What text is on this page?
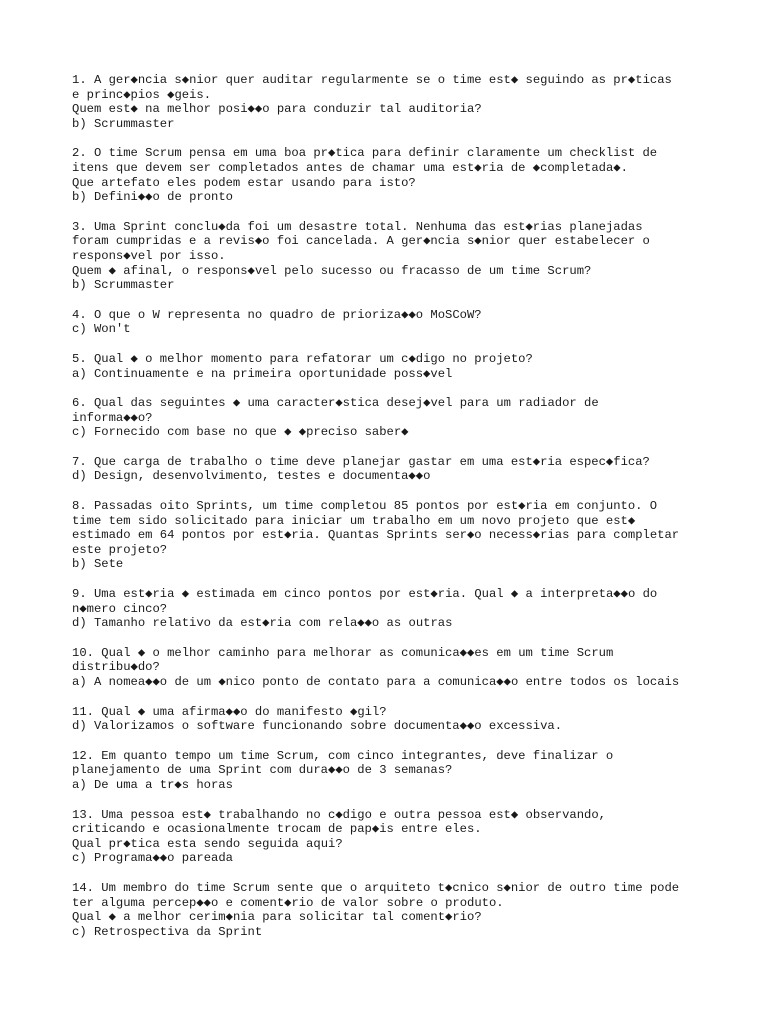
1. A ger◆ncia s◆nior quer auditar regularmente se o time est◆ seguindo as pr◆ticas
e princ◆pios ◆geis.
Quem est◆ na melhor posi◆◆o para conduzir tal auditoria?
b) Scrummaster
2. O time Scrum pensa em uma boa pr◆tica para definir claramente um checklist de
itens que devem ser completados antes de chamar uma est◆ria de ◆completada◆.
Que artefato eles podem estar usando para isto?
b) Defini◆◆o de pronto
3. Uma Sprint conclu◆da foi um desastre total. Nenhuma das est◆rias planejadas
foram cumpridas e a revis◆o foi cancelada. A ger◆ncia s◆nior quer estabelecer o
respons◆vel por isso.
Quem ◆ afinal, o respons◆vel pelo sucesso ou fracasso de um time Scrum?
b) Scrummaster
4. O que o W representa no quadro de prioriza◆◆o MoSCoW?
c) Won't
5. Qual ◆ o melhor momento para refatorar um c◆digo no projeto?
a) Continuamente e na primeira oportunidade poss◆vel
6. Qual das seguintes ◆ uma caracter◆stica desej◆vel para um radiador de
informa◆◆o?
c) Fornecido com base no que ◆ ◆preciso saber◆
7. Que carga de trabalho o time deve planejar gastar em uma est◆ria espec◆fica?
d) Design, desenvolvimento, testes e documenta◆◆o
8. Passadas oito Sprints, um time completou 85 pontos por est◆ria em conjunto. O
time tem sido solicitado para iniciar um trabalho em um novo projeto que est◆
estimado em 64 pontos por est◆ria. Quantas Sprints ser◆o necess◆rias para completar
este projeto?
b) Sete
9. Uma est◆ria ◆ estimada em cinco pontos por est◆ria. Qual ◆ a interpreta◆◆o do
n◆mero cinco?
d) Tamanho relativo da est◆ria com rela◆◆o as outras
10. Qual ◆ o melhor caminho para melhorar as comunica◆◆es em um time Scrum
distribu◆do?
a) A nomea◆◆o de um ◆nico ponto de contato para a comunica◆◆o entre todos os locais
11. Qual ◆ uma afirma◆◆o do manifesto ◆gil?
d) Valorizamos o software funcionando sobre documenta◆◆o excessiva.
12. Em quanto tempo um time Scrum, com cinco integrantes, deve finalizar o
planejamento de uma Sprint com dura◆◆o de 3 semanas?
a) De uma a tr◆s horas
13. Uma pessoa est◆ trabalhando no c◆digo e outra pessoa est◆ observando,
criticando e ocasionalmente trocam de pap◆is entre eles.
Qual pr◆tica esta sendo seguida aqui?
c) Programa◆◆o pareada
14. Um membro do time Scrum sente que o arquiteto t◆cnico s◆nior de outro time pode
ter alguma percep◆◆o e coment◆rio de valor sobre o produto.
Qual ◆ a melhor cerim◆nia para solicitar tal coment◆rio?
c) Retrospectiva da Sprint
